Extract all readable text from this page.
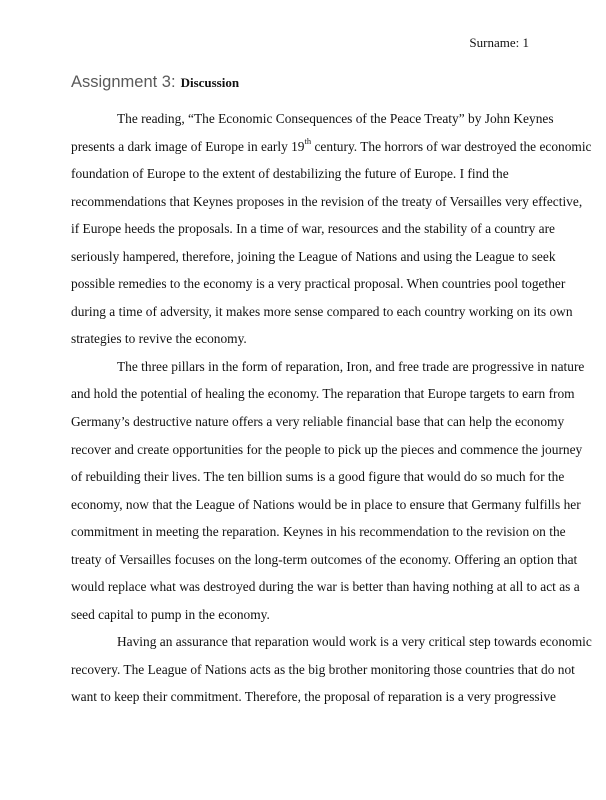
Surname: 1
Assignment 3: Discussion
The reading, “The Economic Consequences of the Peace Treaty” by John Keynes
presents a dark image of Europe in early 19th century. The horrors of war destroyed the economic
foundation of Europe to the extent of destabilizing the future of Europe. I find the
recommendations that Keynes proposes in the revision of the treaty of Versailles very effective,
if Europe heeds the proposals. In a time of war, resources and the stability of a country are
seriously hampered, therefore, joining the League of Nations and using the League to seek
possible remedies to the economy is a very practical proposal. When countries pool together
during a time of adversity, it makes more sense compared to each country working on its own
strategies to revive the economy.
The three pillars in the form of reparation, Iron, and free trade are progressive in nature
and hold the potential of healing the economy. The reparation that Europe targets to earn from
Germany’s destructive nature offers a very reliable financial base that can help the economy
recover and create opportunities for the people to pick up the pieces and commence the journey
of rebuilding their lives. The ten billion sums is a good figure that would do so much for the
economy, now that the League of Nations would be in place to ensure that Germany fulfills her
commitment in meeting the reparation. Keynes in his recommendation to the revision on the
treaty of Versailles focuses on the long-term outcomes of the economy. Offering an option that
would replace what was destroyed during the war is better than having nothing at all to act as a
seed capital to pump in the economy.
Having an assurance that reparation would work is a very critical step towards economic
recovery. The League of Nations acts as the big brother monitoring those countries that do not
want to keep their commitment. Therefore, the proposal of reparation is a very progressive
